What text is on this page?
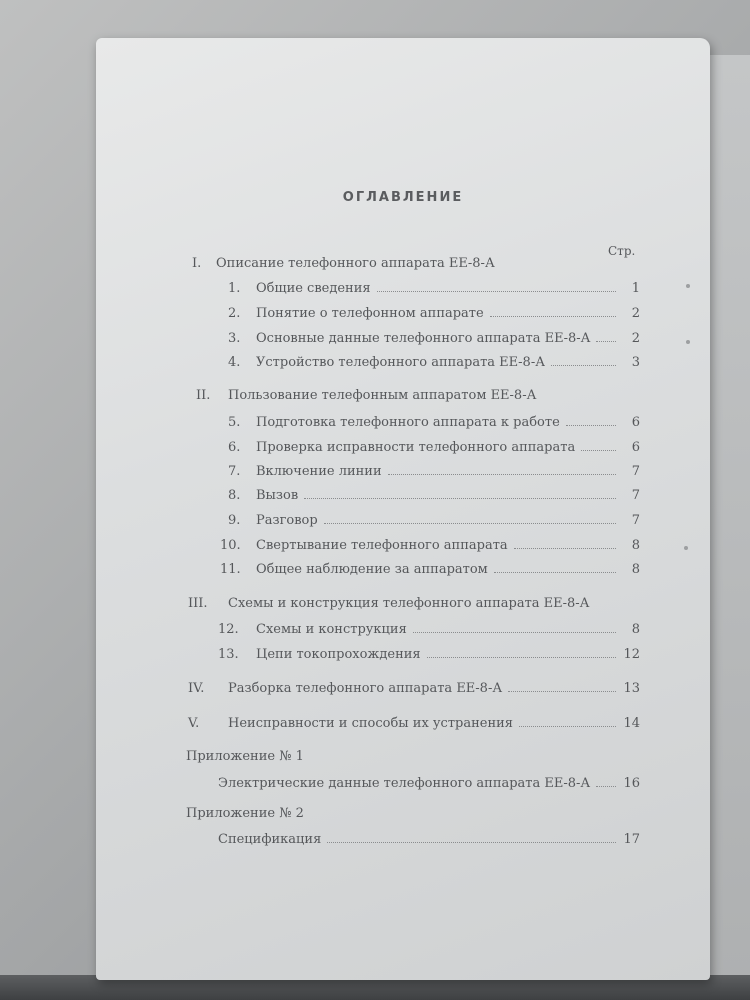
ОГЛАВЛЕНИЕ
Стр.
I.	Описание телефонного аппарата ЕЕ-8-А
1.	Общие сведения	1
2.	Понятие о телефонном аппарате	2
3.	Основные данные телефонного аппарата ЕЕ-8-А	2
4.	Устройство телефонного аппарата ЕЕ-8-А	3
II.	Пользование телефонным аппаратом ЕЕ-8-А
5.	Подготовка телефонного аппарата к работе	6
6.	Проверка исправности телефонного аппарата	6
7.	Включение линии	7
8.	Вызов	7
9.	Разговор	7
10.	Свертывание телефонного аппарата	8
11.	Общее наблюдение за аппаратом	8
III.	Схемы и конструкция телефонного аппарата ЕЕ-8-А
12.	Схемы и конструкция	8
13.	Цепи токопрохождения	12
IV.	Разборка телефонного аппарата ЕЕ-8-А	13
V.	Неисправности и способы их устранения	14
Приложение № 1
Электрические данные телефонного аппарата ЕЕ-8-А	16
Приложение № 2
Спецификация	17
